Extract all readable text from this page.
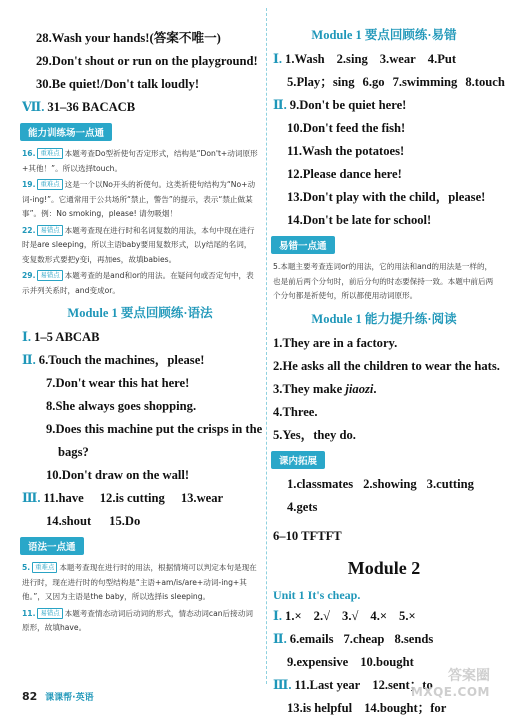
28.Wash your hands!(答案不唯一)
29.Don't shout or run on the playground!
30.Be quiet!/Don't talk loudly!
Ⅶ. 31–36 BACACB
能力训练场一点通
16. 重难点 本题考查Do型祈使句否定形式，结构是“Don't+动词原形+其他！”。所以选择touch。
19. 重难点 这是一个以No开头的祈使句。这类祈使句结构为“No+动词-ing!”。它通常用于公共场所“禁止，警告”的提示，表示“禁止做某事”。例：No smoking，please! 请勿吸烟！
22. 易错点 本题考查现在进行时和名词复数的用法，本句中现在进行时是are sleeping，所以主语baby要用复数形式，以y结尾的名词，变复数形式要把y变i，再加es，故填babies。
29. 易错点 本题考查的是and和or的用法。在疑问句或否定句中，表示并列关系时，and变成or。
Module 1 要点回顾练·语法
Ⅰ. 1–5 ABCAB
Ⅱ. 6.Touch the machines，please!
7.Don't wear this hat here!
8.She always goes shopping.
9.Does this machine put the crisps in the
bags?
10.Don't draw on the wall!
Ⅲ. 11.have 12.is cutting 13.wear
14.shout 15.Do
语法一点通
5. 重难点 本题考查现在进行时的用法，根据情境可以判定本句是现在进行时，现在进行时的句型结构是“主语+am/is/are+动词-ing+其他。”，又因为主语是the baby，所以选择is sleeping。
11. 易错点 本题考查情态动词后动词的形式，情态动词can后接动词原形，故填have。
Module 1 要点回顾练·易错
Ⅰ. 1.Wash 2.sing 3.wear 4.Put
5.Play；sing 6.go 7.swimming 8.touch
Ⅱ. 9.Don't be quiet here!
10.Don't feed the fish!
11.Wash the potatoes!
12.Please dance here!
13.Don't play with the child，please!
14.Don't be late for school!
易错一点通
5.本题主要考查连词or的用法，它的用法和and的用法是一样的，也是前后两个分句时，前后分句的时态要保持一致。本题中前后两个分句都是祈使句，所以都使用动词原形。
Module 1 能力提升练·阅读
1.They are in a factory.
2.He asks all the children to wear the hats.
3.They make jiaozi.
4.Three.
5.Yes，they do.
课内拓展
1.classmates 2.showing 3.cutting
4.gets
6–10 TFTFT
Module 2
Unit 1 It's cheap.
Ⅰ. 1.× 2.√ 3.√ 4.× 5.×
Ⅱ. 6.emails 7.cheap 8.sends
9.expensive 10.bought
Ⅲ. 11.Last year 12.sent；to
13.is helpful 14.bought；for
82 课课帮·英语
答案圈
MXQE.COM
